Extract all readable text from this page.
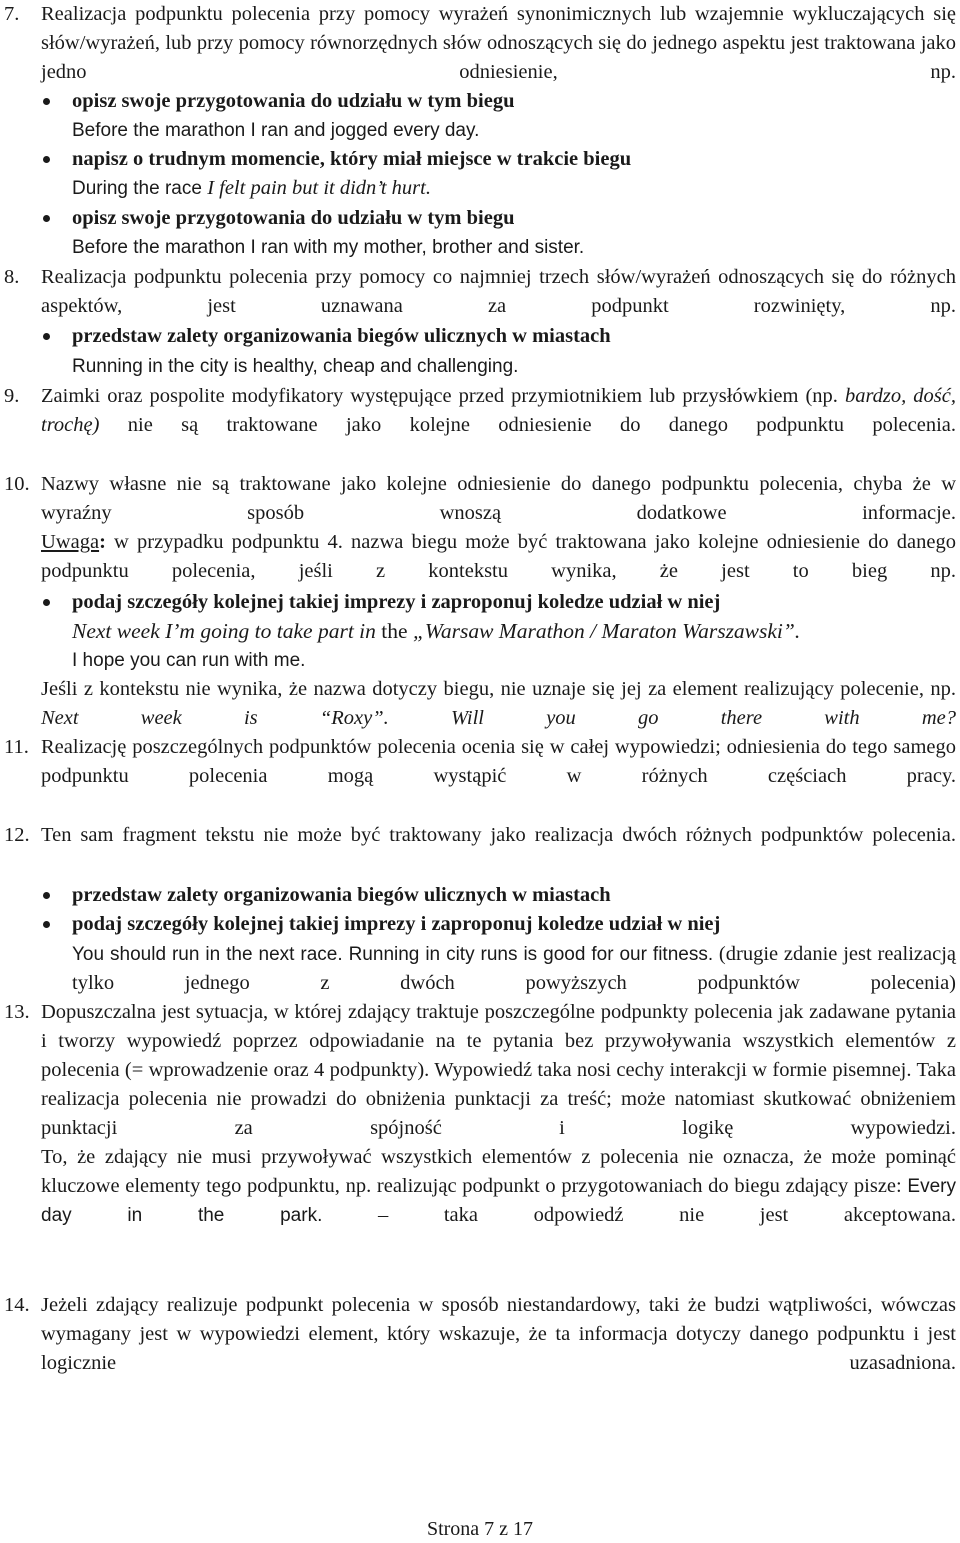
7. Realizacja podpunktu polecenia przy pomocy wyrażeń synonimicznych lub wzajemnie wykluczających się słów/wyrażeń, lub przy pomocy równorzędnych słów odnoszących się do jednego aspektu jest traktowana jako jedno odniesienie, np.
opisz swoje przygotowania do udziału w tym biegu
Before the marathon I ran and jogged every day.
napisz o trudnym momencie, który miał miejsce w trakcie biegu
During the race I felt pain but it didn’t hurt.
opisz swoje przygotowania do udziału w tym biegu
Before the marathon I ran with my mother, brother and sister.
8. Realizacja podpunktu polecenia przy pomocy co najmniej trzech słów/wyrażeń odnoszących się do różnych aspektów, jest uznawana za podpunkt rozwinięty, np.
przedstaw zalety organizowania biegów ulicznych w miastach
Running in the city is healthy, cheap and challenging.
9. Zaimki oraz pospolite modyfikatory występujące przed przymiotnikiem lub przysłówkiem (np. bardzo, dość, trochę) nie są traktowane jako kolejne odniesienie do danego podpunktu polecenia.
10. Nazwy własne nie są traktowane jako kolejne odniesienie do danego podpunktu polecenia, chyba że w wyraźny sposób wnoszą dodatkowe informacje.
Uwaga: w przypadku podpunktu 4. nazwa biegu może być traktowana jako kolejne odniesienie do danego podpunktu polecenia, jeśli z kontekstu wynika, że jest to bieg np.
podaj szczegóły kolejnej takiej imprezy i zaproponuj koledze udział w niej
Next week I’m going to take part in the „Warsaw Marathon / Maraton Warszawski”.
I hope you can run with me.
Jeśli z kontekstu nie wynika, że nazwa dotyczy biegu, nie uznaje się jej za element realizujący polecenie, np. Next week is “Roxy”. Will you go there with me?
11. Realizację poszczególnych podpunktów polecenia ocenia się w całej wypowiedzi; odniesienia do tego samego podpunktu polecenia mogą wystąpić w różnych częściach pracy.
12. Ten sam fragment tekstu nie może być traktowany jako realizacja dwóch różnych podpunktów polecenia.
przedstaw zalety organizowania biegów ulicznych w miastach
podaj szczegóły kolejnej takiej imprezy i zaproponuj koledze udział w niej
You should run in the next race. Running in city runs is good for our fitness. (drugie zdanie jest realizacją tylko jednego z dwóch powyższych podpunktów polecenia)
13. Dopuszczalna jest sytuacja, w której zdający traktuje poszczególne podpunkty polecenia jak zadawane pytania i tworzy wypowiedź poprzez odpowiadanie na te pytania bez przywoływania wszystkich elementów z polecenia (= wprowadzenie oraz 4 podpunkty). Wypowiedź taka nosi cechy interakcji w formie pisemnej. Taka realizacja polecenia nie prowadzi do obniżenia punktacji za treść; może natomiast skutkować obniżeniem punktacji za spójność i logikę wypowiedzi.
To, że zdający nie musi przywoływać wszystkich elementów z polecenia nie oznacza, że może pominąć kluczowe elementy tego podpunktu, np. realizując podpunkt o przygotowaniach do biegu zdający pisze: Every day in the park. – taka odpowiedź nie jest akceptowana.
14. Jeżeli zdający realizuje podpunkt polecenia w sposób niestandardowy, taki że budzi wątpliwości, wówczas wymagany jest w wypowiedzi element, który wskazuje, że ta informacja dotyczy danego podpunktu i jest logicznie uzasadniona.
Strona 7 z 17
